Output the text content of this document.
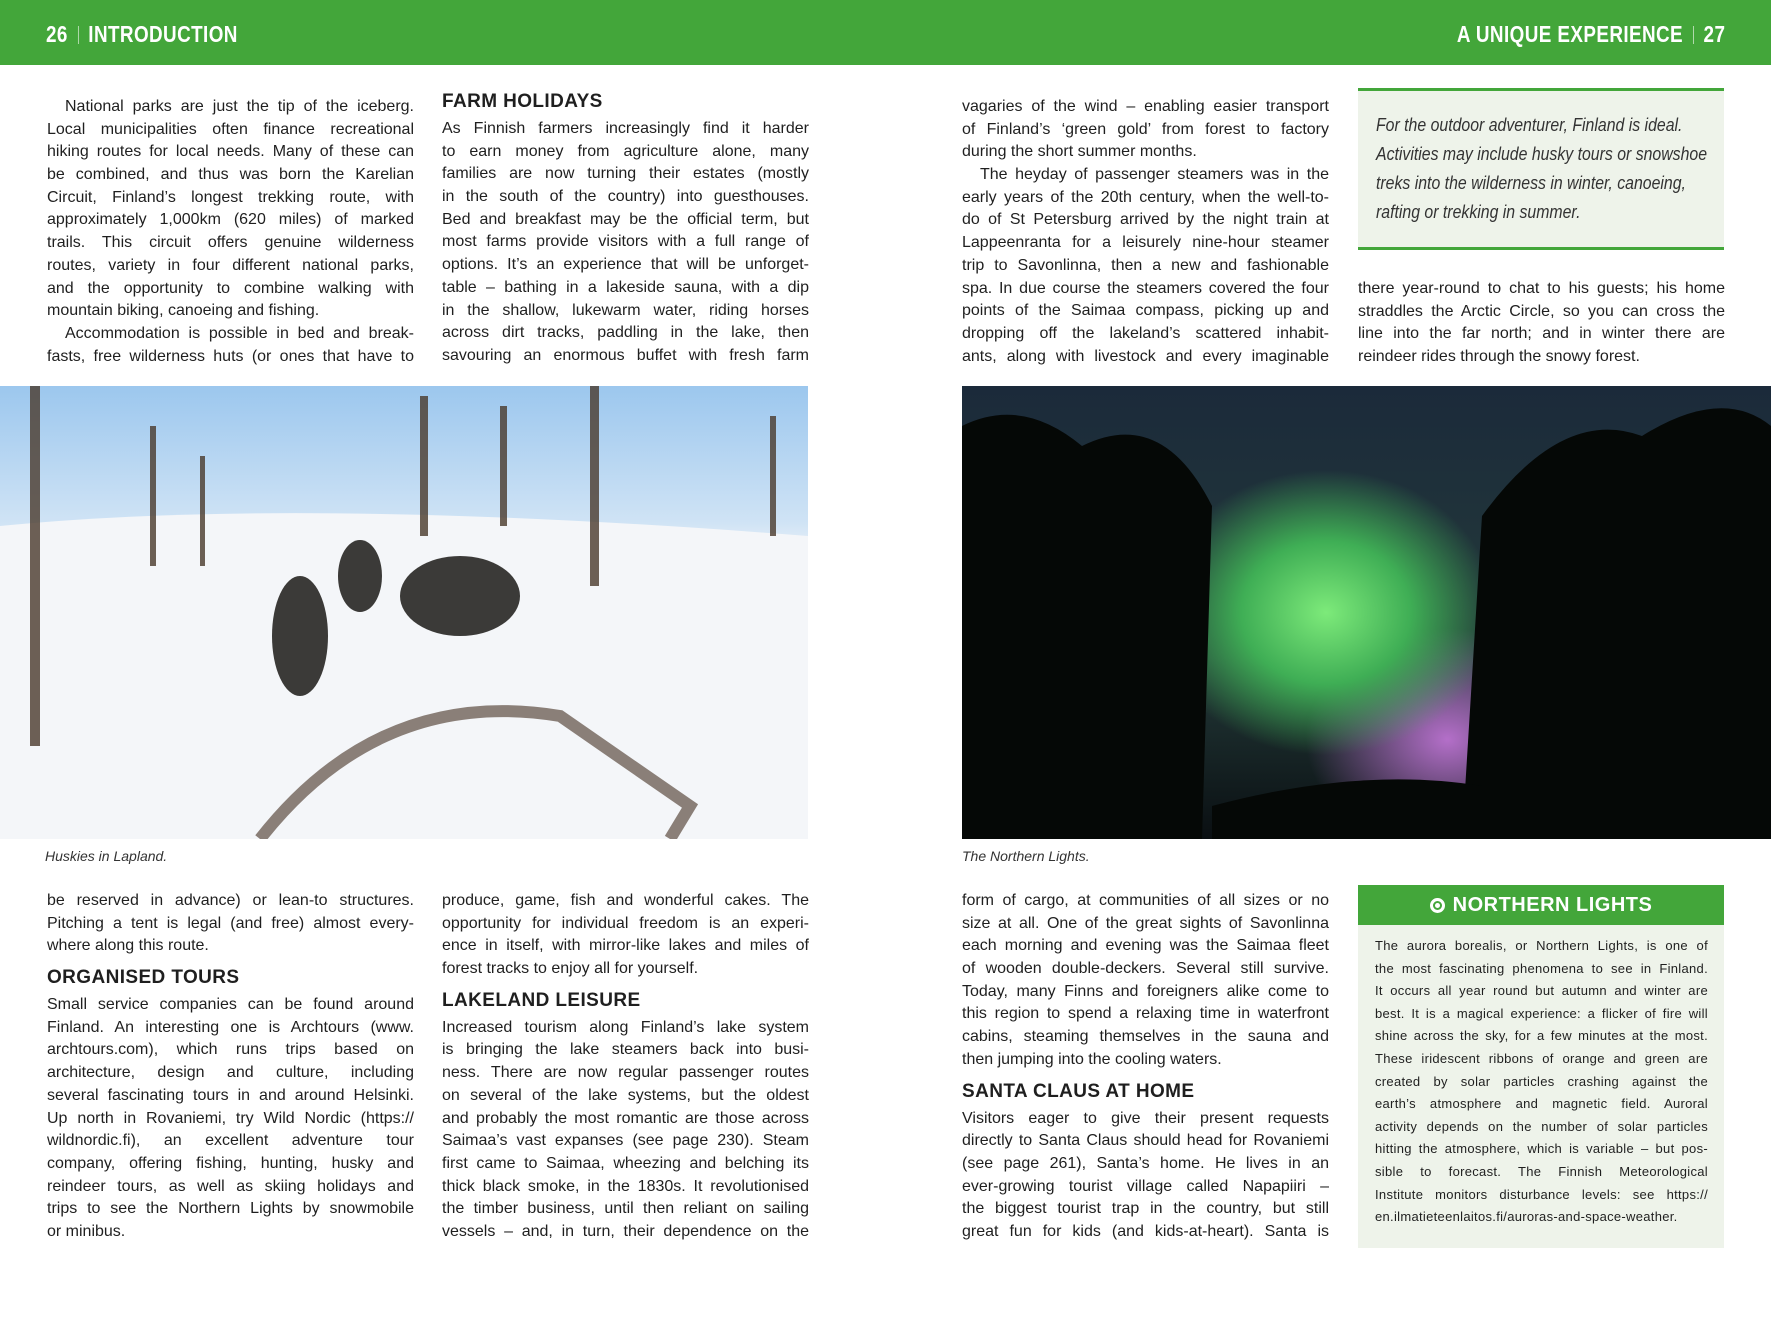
26 INTRODUCTION	A UNIQUE EXPERIENCE 27
National parks are just the tip of the iceberg.
Local municipalities often finance recreational
hiking routes for local needs. Many of these can
be combined, and thus was born the Karelian
Circuit, Finland’s longest trekking route, with
approximately 1,000km (620 miles) of marked
trails. This circuit offers genuine wilderness
routes, variety in four different national parks,
and the opportunity to combine walking with
mountain biking, canoeing and fishing.
Accommodation is possible in bed and break-
fasts, free wilderness huts (or ones that have to
FARM HOLIDAYS
As Finnish farmers increasingly find it harder
to earn money from agriculture alone, many
families are now turning their estates (mostly
in the south of the country) into guesthouses.
Bed and breakfast may be the official term, but
most farms provide visitors with a full range of
options. It’s an experience that will be unforget-
table – bathing in a lakeside sauna, with a dip
in the shallow, lukewarm water, riding horses
across dirt tracks, paddling in the lake, then
savouring an enormous buffet with fresh farm
vagaries of the wind – enabling easier transport
of Finland’s ‘green gold’ from forest to factory
during the short summer months.
The heyday of passenger steamers was in the
early years of the 20th century, when the well-to-
do of St Petersburg arrived by the night train at
Lappeenranta for a leisurely nine-hour steamer
trip to Savonlinna, then a new and fashionable
spa. In due course the steamers covered the four
points of the Saimaa compass, picking up and
dropping off the lakeland’s scattered inhabit-
ants, along with livestock and every imaginable
there year-round to chat to his guests; his home
straddles the Arctic Circle, so you can cross the
line into the far north; and in winter there are
reindeer rides through the snowy forest.
be reserved in advance) or lean-to structures.
Pitching a tent is legal (and free) almost every-
where along this route.
ORGANISED TOURS
Small service companies can be found around
Finland. An interesting one is Archtours (www.
archtours.com), which runs trips based on
architecture, design and culture, including
several fascinating tours in and around Helsinki.
Up north in Rovaniemi, try Wild Nordic (https://
wildnordic.fi), an excellent adventure tour
company, offering fishing, hunting, husky and
reindeer tours, as well as skiing holidays and
trips to see the Northern Lights by snowmobile
or minibus.
produce, game, fish and wonderful cakes. The
opportunity for individual freedom is an experi-
ence in itself, with mirror-like lakes and miles of
forest tracks to enjoy all for yourself.
LAKELAND LEISURE
Increased tourism along Finland’s lake system
is bringing the lake steamers back into busi-
ness. There are now regular passenger routes
on several of the lake systems, but the oldest
and probably the most romantic are those across
Saimaa’s vast expanses (see page 230). Steam
first came to Saimaa, wheezing and belching its
thick black smoke, in the 1830s. It revolutionised
the timber business, until then reliant on sailing
vessels – and, in turn, their dependence on the
form of cargo, at communities of all sizes or no
size at all. One of the great sights of Savonlinna
each morning and evening was the Saimaa fleet
of wooden double-deckers. Several still survive.
Today, many Finns and foreigners alike come to
this region to spend a relaxing time in waterfront
cabins, steaming themselves in the sauna and
then jumping into the cooling waters.
SANTA CLAUS AT HOME
Visitors eager to give their present requests
directly to Santa Claus should head for Rovaniemi
(see page 261), Santa’s home. He lives in an
ever-growing tourist village called Napapiiri –
the biggest tourist trap in the country, but still
great fun for kids (and kids-at-heart). Santa is
For the outdoor adventurer, Finland is ideal.
Activities may include husky tours or snowshoe
treks into the wilderness in winter, canoeing,
rafting or trekking in summer.
Huskies in Lapland.	The Northern Lights.
NORTHERN LIGHTS
The aurora borealis, or Northern Lights, is one of
the most fascinating phenomena to see in Finland.
It occurs all year round but autumn and winter are
best. It is a magical experience: a flicker of fire will
shine across the sky, for a few minutes at the most.
These iridescent ribbons of orange and green are
created by solar particles crashing against the
earth’s atmosphere and magnetic field. Auroral
activity depends on the number of solar particles
hitting the atmosphere, which is variable – but pos-
sible to forecast. The Finnish Meteorological
Institute monitors disturbance levels: see https://
en.ilmatieteenlaitos.fi/auroras-and-space-weather.
